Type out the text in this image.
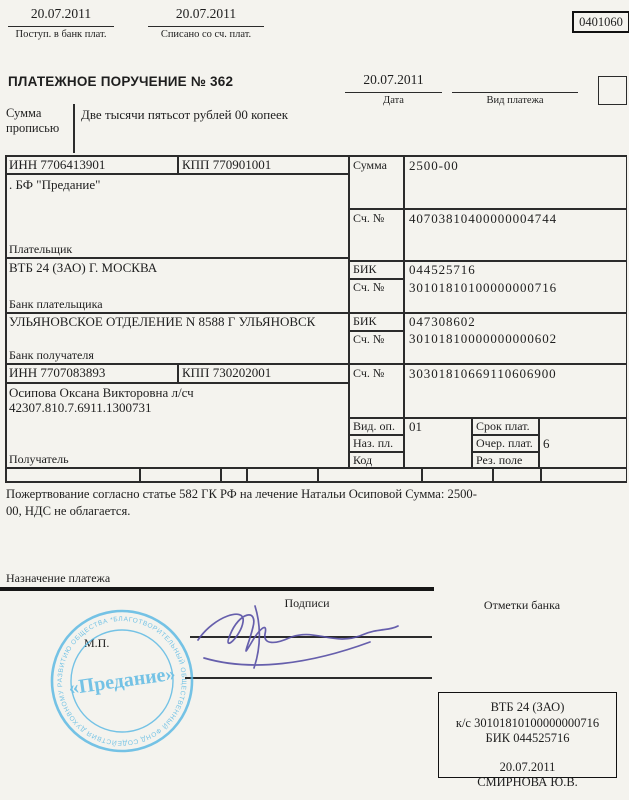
20.07.2011
Поступ. в банк плат.
20.07.2011
Списано со сч. плат.
0401060
ПЛАТЕЖНОЕ ПОРУЧЕНИЕ № 362	20.07.2011
Дата	Вид платежа
Сумма прописью
Две тысячи пятьсот рублей 00 копеек
ИНН 7706413901	КПП 770901001
. БФ "Предание"
Плательщик
ВТБ 24 (ЗАО) Г. МОСКВА
Банк плательщика
УЛЬЯНОВСКОЕ ОТДЕЛЕНИЕ N 8588 Г УЛЬЯНОВСК
Банк получателя
ИНН 7707083893	КПП 730202001
Осипова Оксана Викторовна л/сч
42307.810.7.6911.1300731
Получатель
Сумма 2500-00
Сч. № 40703810400000004744
БИК 044525716
Сч. № 30101810100000000716
БИК 047308602
Сч. № 30101810000000000602
Сч. № 30301810669110606900
Вид. оп. 01	Срок плат.
Наз. пл.	Очер. плат. 6
Код	Рез. поле
Пожертвование согласно статье 582 ГК РФ на лечение Натальи Осиповой Сумма: 2500-00, НДС не облагается.
Назначение платежа
Подписи	Отметки банка
М.П.
БЛАГОТВОРИТЕЛЬНЫЙ ОБЩЕСТВЕННЫЙ ФОНД СОДЕЙСТВИЯ ДУХОВНОМУ РАЗВИТИЮ ОБЩЕСТВА * МОСКВА *
«Предание»
ВТБ 24 (ЗАО)
к/с 30101810100000000716
БИК 044525716
20.07.2011
СМИРНОВА Ю.В.
